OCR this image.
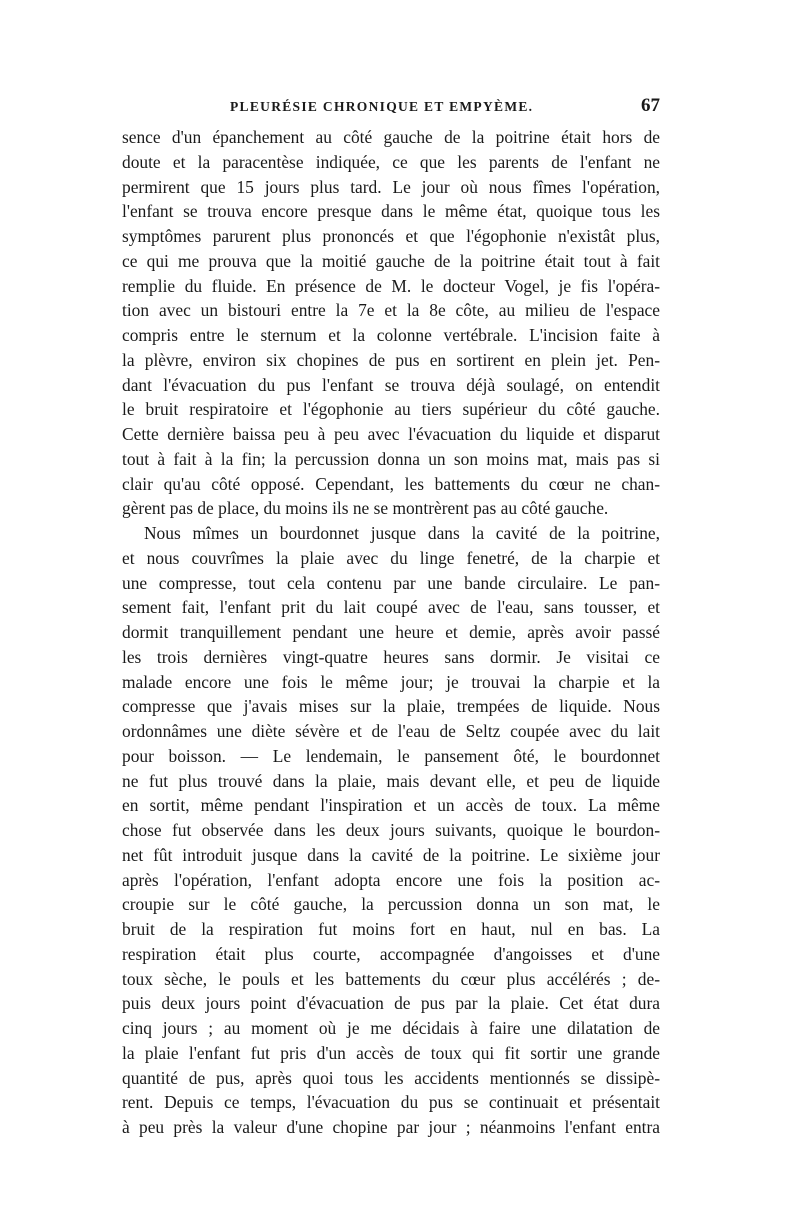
PLEURÉSIE CHRONIQUE ET EMPYÈME.	67
sence d'un épanchement au côté gauche de la poitrine était hors de
doute et la paracentèse indiquée, ce que les parents de l'enfant ne
permirent que 15 jours plus tard. Le jour où nous fîmes l'opération,
l'enfant se trouva encore presque dans le même état, quoique tous les
symptômes parurent plus prononcés et que l'égophonie n'existât plus,
ce qui me prouva que la moitié gauche de la poitrine était tout à fait
remplie du fluide. En présence de M. le docteur Vogel, je fis l'opéra-
tion avec un bistouri entre la 7e et la 8e côte, au milieu de l'espace
compris entre le sternum et la colonne vertébrale. L'incision faite à
la plèvre, environ six chopines de pus en sortirent en plein jet. Pen-
dant l'évacuation du pus l'enfant se trouva déjà soulagé, on entendit
le bruit respiratoire et l'égophonie au tiers supérieur du côté gauche.
Cette dernière baissa peu à peu avec l'évacuation du liquide et disparut
tout à fait à la fin; la percussion donna un son moins mat, mais pas si
clair qu'au côté opposé. Cependant, les battements du cœur ne chan-
gèrent pas de place, du moins ils ne se montrèrent pas au côté gauche.
Nous mîmes un bourdonnet jusque dans la cavité de la poitrine,
et nous couvrîmes la plaie avec du linge fenetré, de la charpie et
une compresse, tout cela contenu par une bande circulaire. Le pan-
sement fait, l'enfant prit du lait coupé avec de l'eau, sans tousser, et
dormit tranquillement pendant une heure et demie, après avoir passé
les trois dernières vingt-quatre heures sans dormir. Je visitai ce
malade encore une fois le même jour; je trouvai la charpie et la
compresse que j'avais mises sur la plaie, trempées de liquide. Nous
ordonnâmes une diète sévère et de l'eau de Seltz coupée avec du lait
pour boisson. — Le lendemain, le pansement ôté, le bourdonnet
ne fut plus trouvé dans la plaie, mais devant elle, et peu de liquide
en sortit, même pendant l'inspiration et un accès de toux. La même
chose fut observée dans les deux jours suivants, quoique le bourdon-
net fût introduit jusque dans la cavité de la poitrine. Le sixième jour
après l'opération, l'enfant adopta encore une fois la position ac-
croupie sur le côté gauche, la percussion donna un son mat, le
bruit de la respiration fut moins fort en haut, nul en bas. La
respiration était plus courte, accompagnée d'angoisses et d'une
toux sèche, le pouls et les battements du cœur plus accélérés ; de-
puis deux jours point d'évacuation de pus par la plaie. Cet état dura
cinq jours ; au moment où je me décidais à faire une dilatation de
la plaie l'enfant fut pris d'un accès de toux qui fit sortir une grande
quantité de pus, après quoi tous les accidents mentionnés se dissipè-
rent. Depuis ce temps, l'évacuation du pus se continuait et présentait
à peu près la valeur d'une chopine par jour ; néanmoins l'enfant entra
